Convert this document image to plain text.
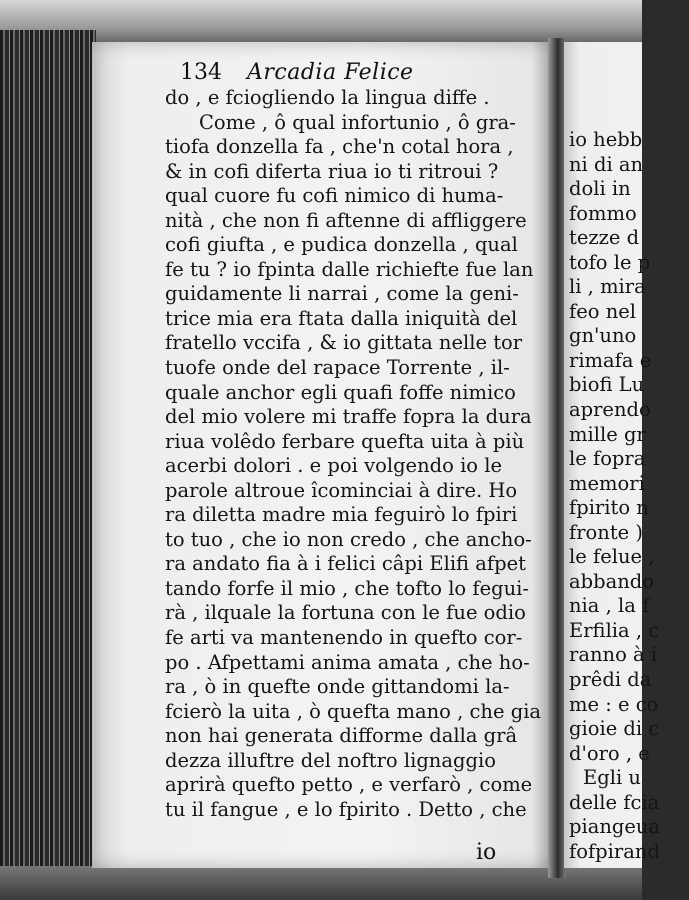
134 Arcadia Felice
do , e fciogliendo la lingua diffe .
Come , ô qual infortunio , ô gra-
tiofa donzella fa , che'n cotal hora ,
& in cofi diferta riua io ti ritroui ?
qual cuore fu cofi nimico di huma-
nità , che non fi aftenne di affliggere
cofi giufta , e pudica donzella , qual
fe tu ? io fpinta dalle richiefte fue lan
guidamente li narrai , come la geni-
trice mia era ftata dalla iniquità del
fratello vccifa , & io gittata nelle tor
tuofe onde del rapace Torrente , il-
quale anchor egli quafi foffe nimico
del mio volere mi traffe fopra la dura
riua volêdo ferbare quefta uita à più
acerbi dolori . e poi volgendo io le
parole altroue îcominciai à dire. Ho
ra diletta madre mia feguirò lo fpiri
to tuo , che io non credo , che ancho-
ra andato fia à i felici câpi Elifi afpet
tando forfe il mio , che tofto lo fegui-
rà , ilquale la fortuna con le fue odio
fe arti va mantenendo in quefto cor-
po . Afpettami anima amata , che ho-
ra , ò in quefte onde gittandomi la-
fcierò la uita , ò quefta mano , che gia
non hai generata difforme dalla grâ
dezza illuftre del noftro lignaggio
aprirà quefto petto , e verfarò , come
tu il fangue , e lo fpirito . Detto , che
io
io hebb
ni di an
doli in
fommo
tezze d
tofo le p
li , mira
feo nel
gn'uno
rimafa e
biofi Lu
aprendo
mille gr
le fopra
memori
fpirito n
fronte )
le felue ,
abbando
nia , la f
Erfilia , c
ranno à i
prêdi da
me : e co
gioie di c
d'oro , e
Egli u
delle fcia
piangeua
fofpirand
